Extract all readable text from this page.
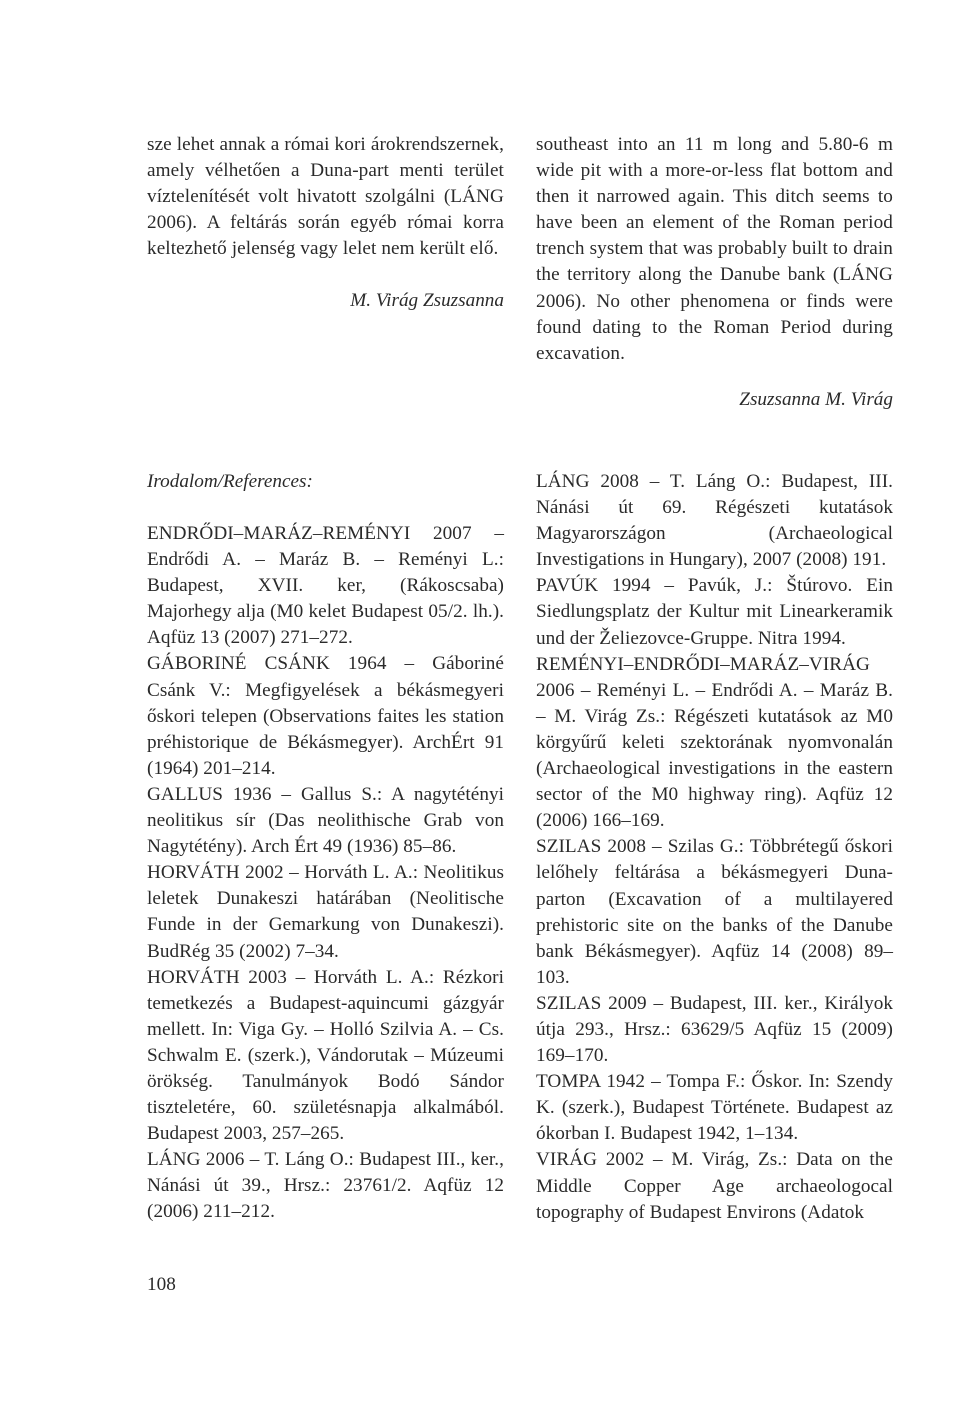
sze lehet annak a római kori árokrendszernek, amely vélhetően a Duna-part menti terület víztelenítését volt hivatott szolgálni (LÁNG 2006). A feltárás során egyéb római korra keltezhető jelenség vagy lelet nem került elő.

M. Virág Zsuzsanna

southeast into an 11 m long and 5.80-6 m wide pit with a more-or-less flat bottom and then it narrowed again. This ditch seems to have been an element of the Roman period trench system that was probably built to drain the territory along the Danube bank (LÁNG 2006). No other phenomena or finds were found dating to the Roman Period during excavation.

Zsuzsanna M. Virág

Irodalom/References:

ENDRŐDI–MARÁZ–REMÉNYI 2007 – Endrődi A. – Maráz B. – Reményi L.: Budapest, XVII. ker, (Rákoscsaba) Majorhegy alja (M0 kelet Budapest 05/2. lh.). Aqfüz 13 (2007) 271–272.

GÁBORINÉ CSÁNK 1964 – Gáboriné Csánk V.: Megfigyelések a békásmegyeri őskori telepen (Observations faites les station préhistorique de Békásmegyer). ArchÉrt 91 (1964) 201–214.

GALLUS 1936 – Gallus S.: A nagytétényi neolitikus sír (Das neolithische Grab von Nagytétény). Arch Ért 49 (1936) 85–86.

HORVÁTH 2002 – Horváth L. A.: Neolitikus leletek Dunakeszi határában (Neolitische Funde in der Gemarkung von Dunakeszi). BudRég 35 (2002) 7–34.

HORVÁTH 2003 – Horváth L. A.: Rézkori temetkezés a Budapest-aquincumi gázgyár mellett. In: Viga Gy. – Holló Szilvia A. – Cs. Schwalm E. (szerk.), Vándorutak – Múzeumi örökség. Tanulmányok Bodó Sándor tiszteletére, 60. születésnapja alkalmából. Budapest 2003, 257–265.

LÁNG 2006 – T. Láng O.: Budapest III., ker., Nánási út 39., Hrsz.: 23761/2. Aqfüz 12 (2006) 211–212.

LÁNG 2008 – T. Láng O.: Budapest, III. Nánási út 69. Régészeti kutatások Magyarországon (Archaeological Investigations in Hungary), 2007 (2008) 191.

PAVÚK 1994 – Pavúk, J.: Štúrovo. Ein Siedlungsplatz der Kultur mit Linearkeramik und der Želiezovce-Gruppe. Nitra 1994.

REMÉNYI–ENDRŐDI–MARÁZ–VIRÁG 2006 – Reményi L. – Endrődi A. – Maráz B. – M. Virág Zs.: Régészeti kutatások az M0 körgyűrű keleti szektorának nyomvonalán (Archaeological investigations in the eastern sector of the M0 highway ring). Aqfüz 12 (2006) 166–169.

SZILAS 2008 – Szilas G.: Többrétegű őskori lelőhely feltárása a békásmegyeri Duna-parton (Excavation of a multilayered prehistoric site on the banks of the Danube bank Békásmegyer). Aqfüz 14 (2008) 89–103.

SZILAS 2009 – Budapest, III. ker., Királyok útja 293., Hrsz.: 63629/5 Aqfüz 15 (2009) 169–170.

TOMPA 1942 – Tompa F.: Őskor. In: Szendy K. (szerk.), Budapest Története. Budapest az ókorban I. Budapest 1942, 1–134.

VIRÁG 2002 – M. Virág, Zs.: Data on the Middle Copper Age archaeologocal topography of Budapest Environs (Adatok

108
